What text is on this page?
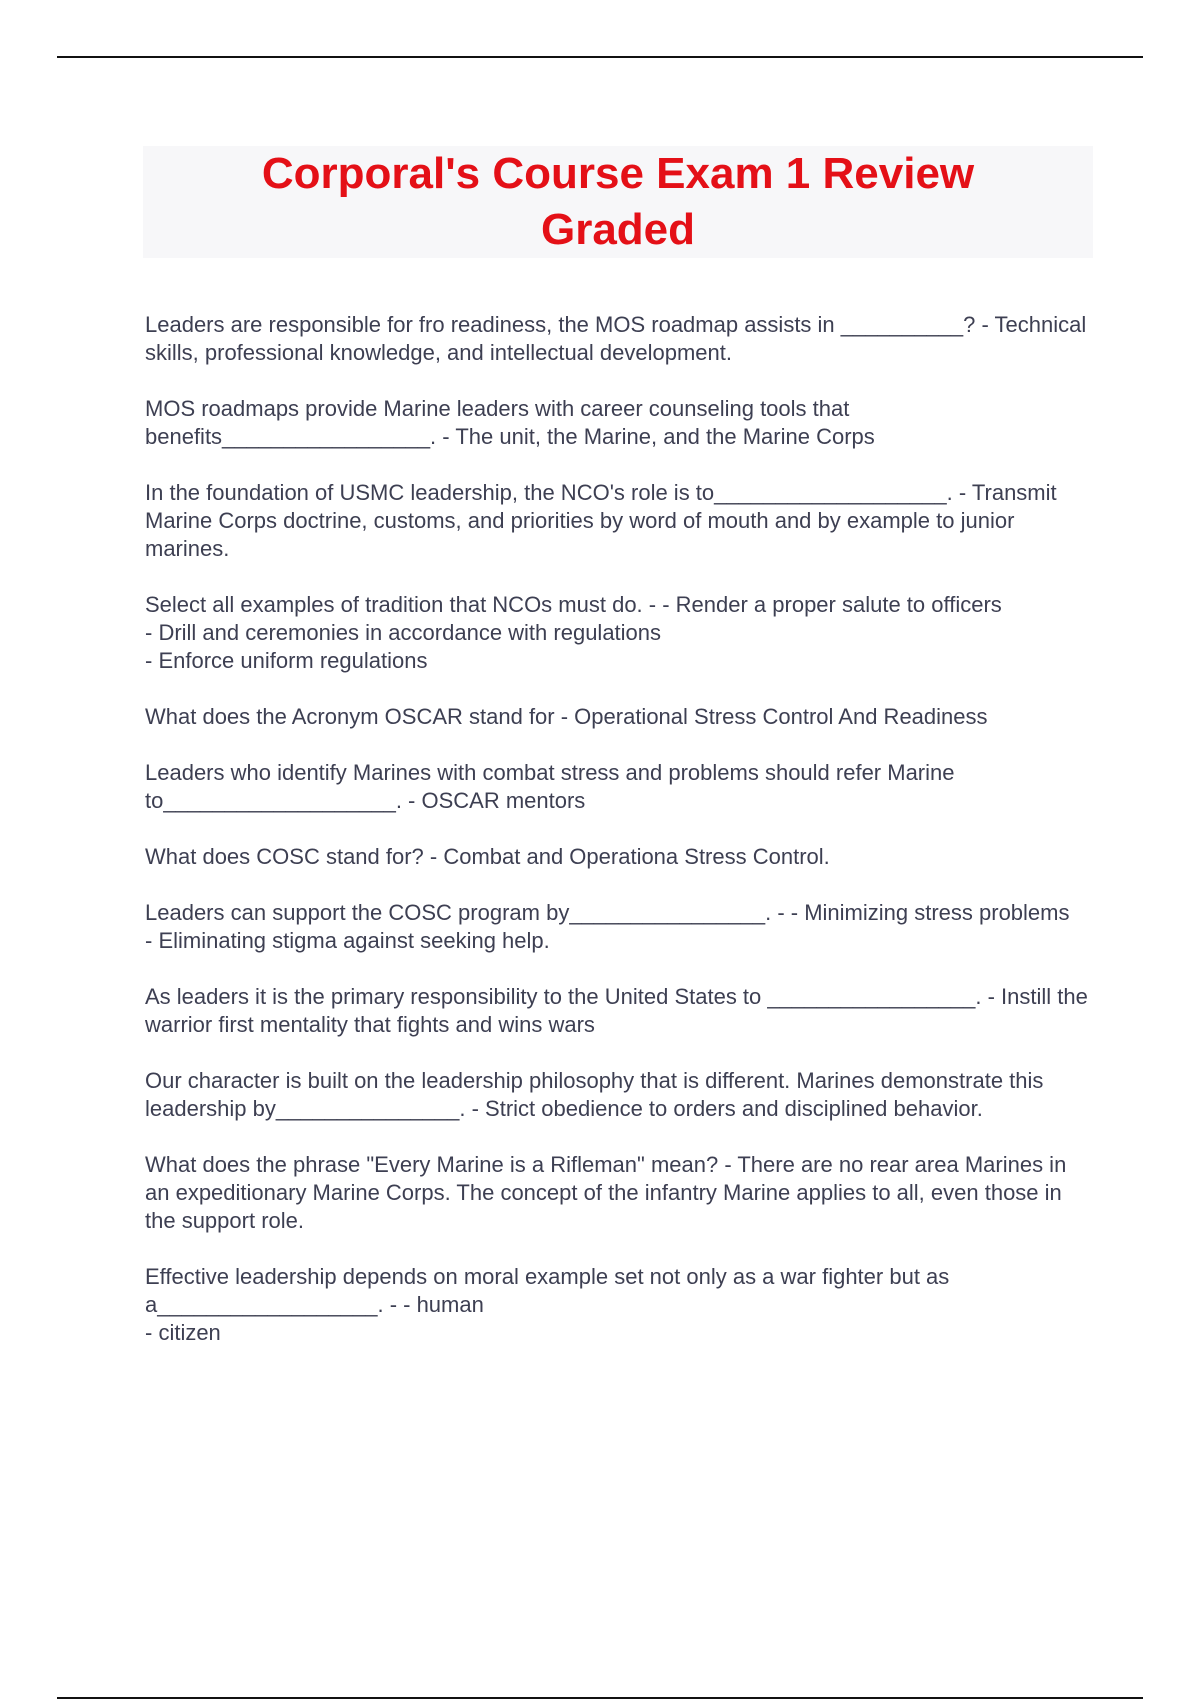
Corporal's Course Exam 1 Review Graded

Leaders are responsible for fro readiness, the MOS roadmap assists in __________? - Technical skills, professional knowledge, and intellectual development.

MOS roadmaps provide Marine leaders with career counseling tools that benefits_________________. - The unit, the Marine, and the Marine Corps

In the foundation of USMC leadership, the NCO's role is to___________________. - Transmit Marine Corps doctrine, customs, and priorities by word of mouth and by example to junior marines.

Select all examples of tradition that NCOs must do. - - Render a proper salute to officers
- Drill and ceremonies in accordance with regulations
- Enforce uniform regulations

What does the Acronym OSCAR stand for - Operational Stress Control And Readiness

Leaders who identify Marines with combat stress and problems should refer Marine to___________________. - OSCAR mentors

What does COSC stand for? - Combat and Operationa Stress Control.

Leaders can support the COSC program by________________. - - Minimizing stress problems
- Eliminating stigma against seeking help.

As leaders it is the primary responsibility to the United States to _________________. - Instill the warrior first mentality that fights and wins wars

Our character is built on the leadership philosophy that is different. Marines demonstrate this leadership by_______________. - Strict obedience to orders and disciplined behavior.

What does the phrase "Every Marine is a Rifleman" mean? - There are no rear area Marines in an expeditionary Marine Corps. The concept of the infantry Marine applies to all, even those in the support role.

Effective leadership depends on moral example set not only as a war fighter but as a__________________. - - human
- citizen
